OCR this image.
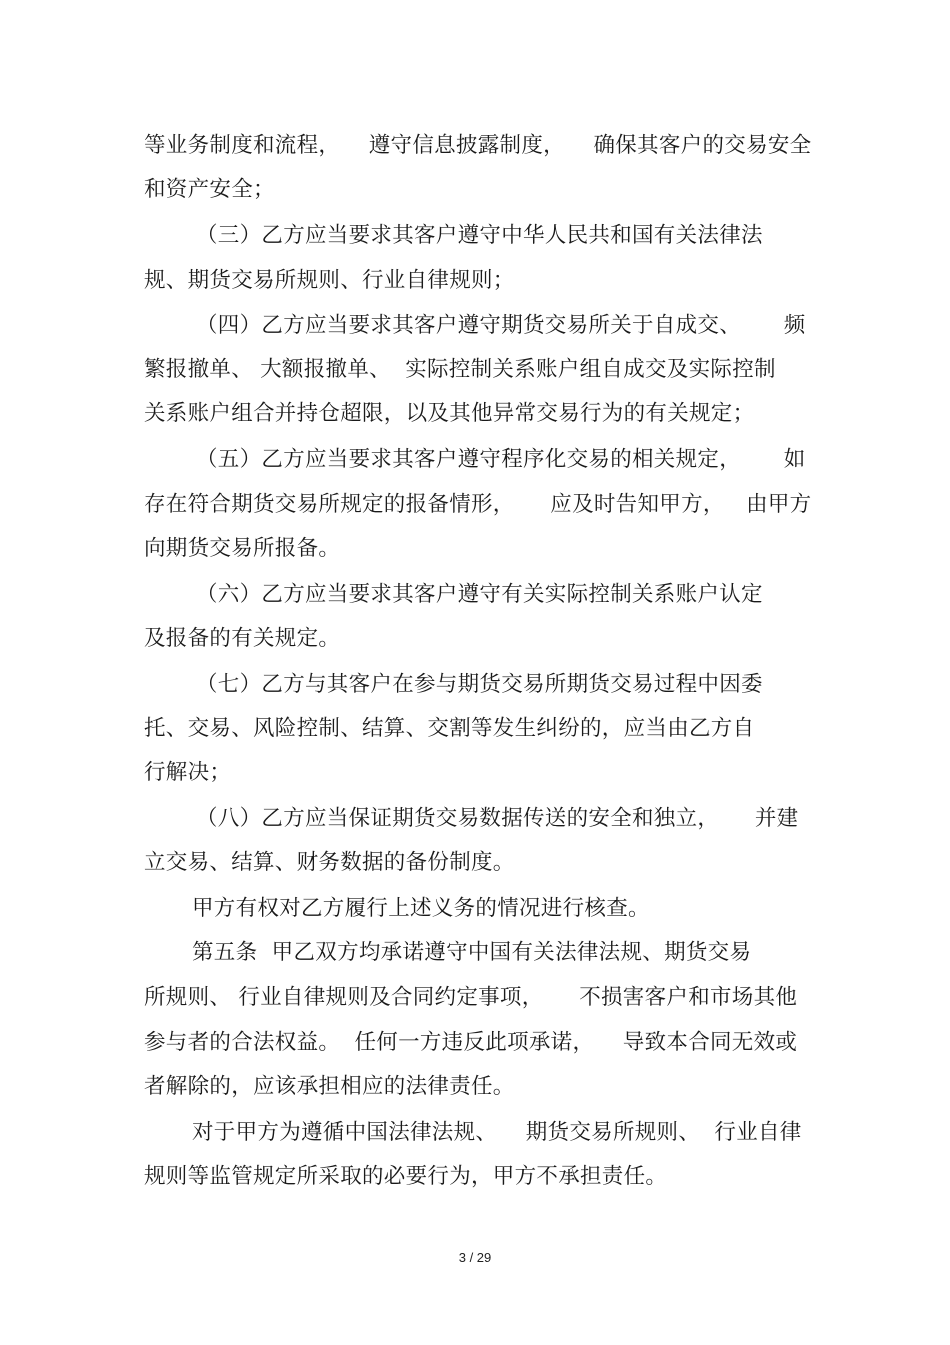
等业务制度和流程，    遵守信息披露制度，    确保其客户的交易安全
和资产安全；
（三）乙方应当要求其客户遵守中华人民共和国有关法律法
规、期货交易所规则、行业自律规则；
（四）乙方应当要求其客户遵守期货交易所关于自成交、      频
繁报撤单、 大额报撤单、  实际控制关系账户组自成交及实际控制
关系账户组合并持仓超限，以及其他异常交易行为的有关规定；
（五）乙方应当要求其客户遵守程序化交易的相关规定，      如
存在符合期货交易所规定的报备情形，     应及时告知甲方，   由甲方
向期货交易所报备。
（六）乙方应当要求其客户遵守有关实际控制关系账户认定
及报备的有关规定。
（七）乙方与其客户在参与期货交易所期货交易过程中因委
托、交易、风险控制、结算、交割等发生纠纷的，应当由乙方自
行解决；
（八）乙方应当保证期货交易数据传送的安全和独立，     并建
立交易、结算、财务数据的备份制度。
甲方有权对乙方履行上述义务的情况进行核查。
第五条  甲乙双方均承诺遵守中国有关法律法规、期货交易
所规则、 行业自律规则及合同约定事项，     不损害客户和市场其他
参与者的合法权益。  任何一方违反此项承诺，    导致本合同无效或
者解除的，应该承担相应的法律责任。
对于甲方为遵循中国法律法规、    期货交易所规则、  行业自律
规则等监管规定所采取的必要行为，甲方不承担责任。
3 / 29
